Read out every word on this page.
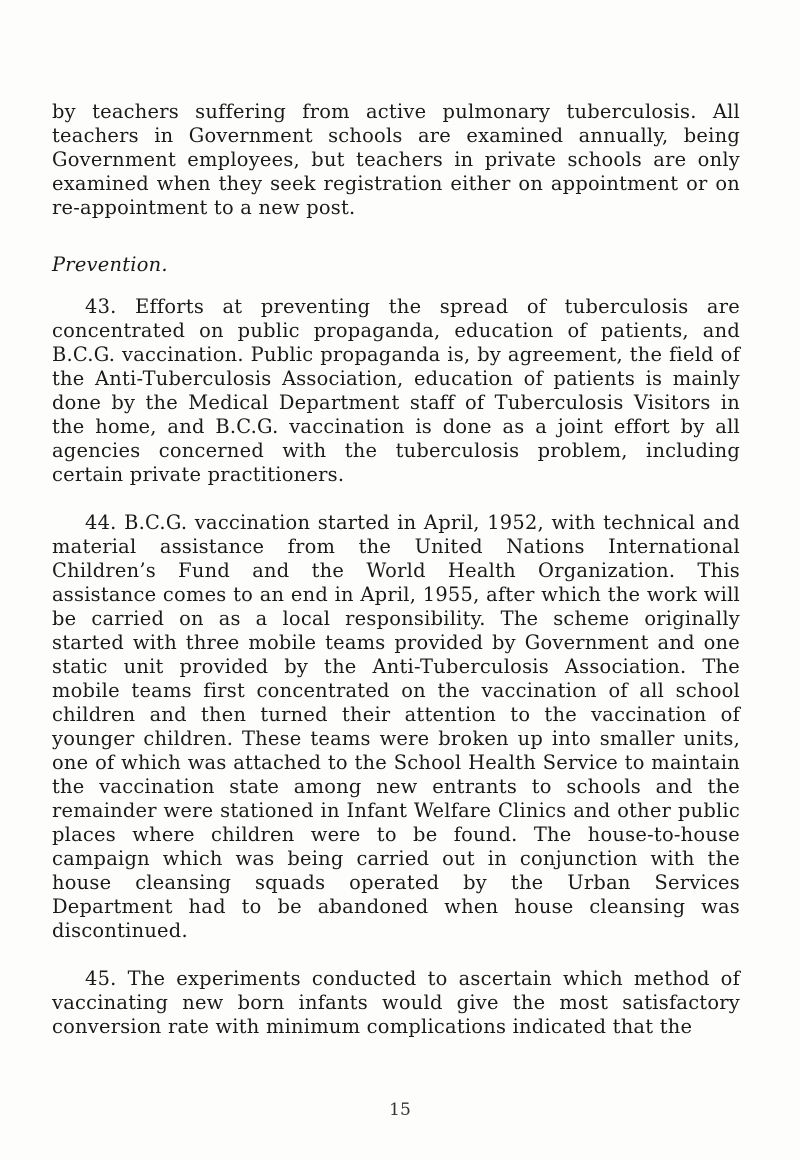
by teachers suffering from active pulmonary tuberculosis. All teachers in Government schools are examined annually, being Government employees, but teachers in private schools are only examined when they seek registration either on appointment or on re-appointment to a new post.

Prevention.

43. Efforts at preventing the spread of tuberculosis are concentrated on public propaganda, education of patients, and B.C.G. vaccination. Public propaganda is, by agreement, the field of the Anti-Tuberculosis Association, education of patients is mainly done by the Medical Department staff of Tuberculosis Visitors in the home, and B.C.G. vaccination is done as a joint effort by all agencies concerned with the tuberculosis problem, including certain private practitioners.

44. B.C.G. vaccination started in April, 1952, with technical and material assistance from the United Nations International Children’s Fund and the World Health Organization. This assistance comes to an end in April, 1955, after which the work will be carried on as a local responsibility. The scheme originally started with three mobile teams provided by Government and one static unit provided by the Anti-Tuberculosis Association. The mobile teams first concentrated on the vaccination of all school children and then turned their attention to the vaccination of younger children. These teams were broken up into smaller units, one of which was attached to the School Health Service to maintain the vaccination state among new entrants to schools and the remainder were stationed in Infant Welfare Clinics and other public places where children were to be found. The house-to-house campaign which was being carried out in conjunction with the house cleansing squads operated by the Urban Services Department had to be abandoned when house cleansing was discontinued.

45. The experiments conducted to ascertain which method of vaccinating new born infants would give the most satisfactory conversion rate with minimum complications indicated that the

15
